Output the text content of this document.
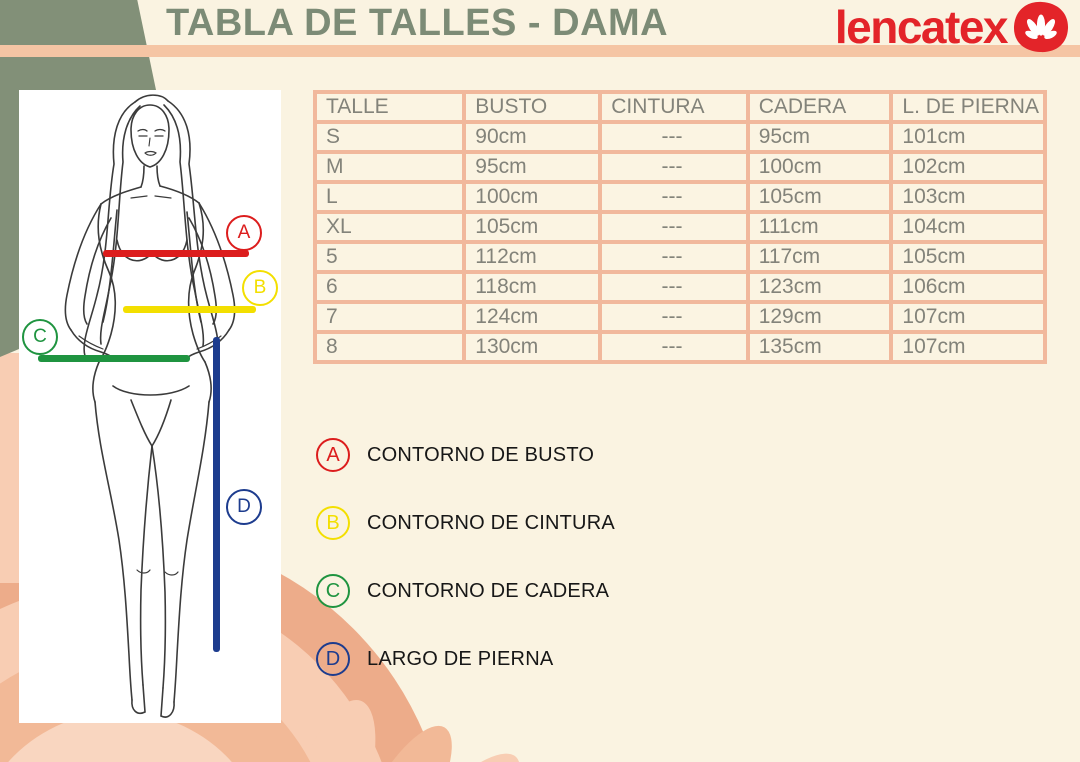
TABLA DE TALLES - DAMA	lencatex
A
B
C
D
TALLE	BUSTO	CINTURA	CADERA	L. DE PIERNA
S	90cm	---	95cm	101cm
M	95cm	---	100cm	102cm
L	100cm	---	105cm	103cm
XL	105cm	---	111cm	104cm
5	112cm	---	117cm	105cm
6	118cm	---	123cm	106cm
7	124cm	---	129cm	107cm
8	130cm	---	135cm	107cm
A	CONTORNO DE BUSTO
B	CONTORNO DE CINTURA
C	CONTORNO DE CADERA
D	LARGO DE PIERNA
